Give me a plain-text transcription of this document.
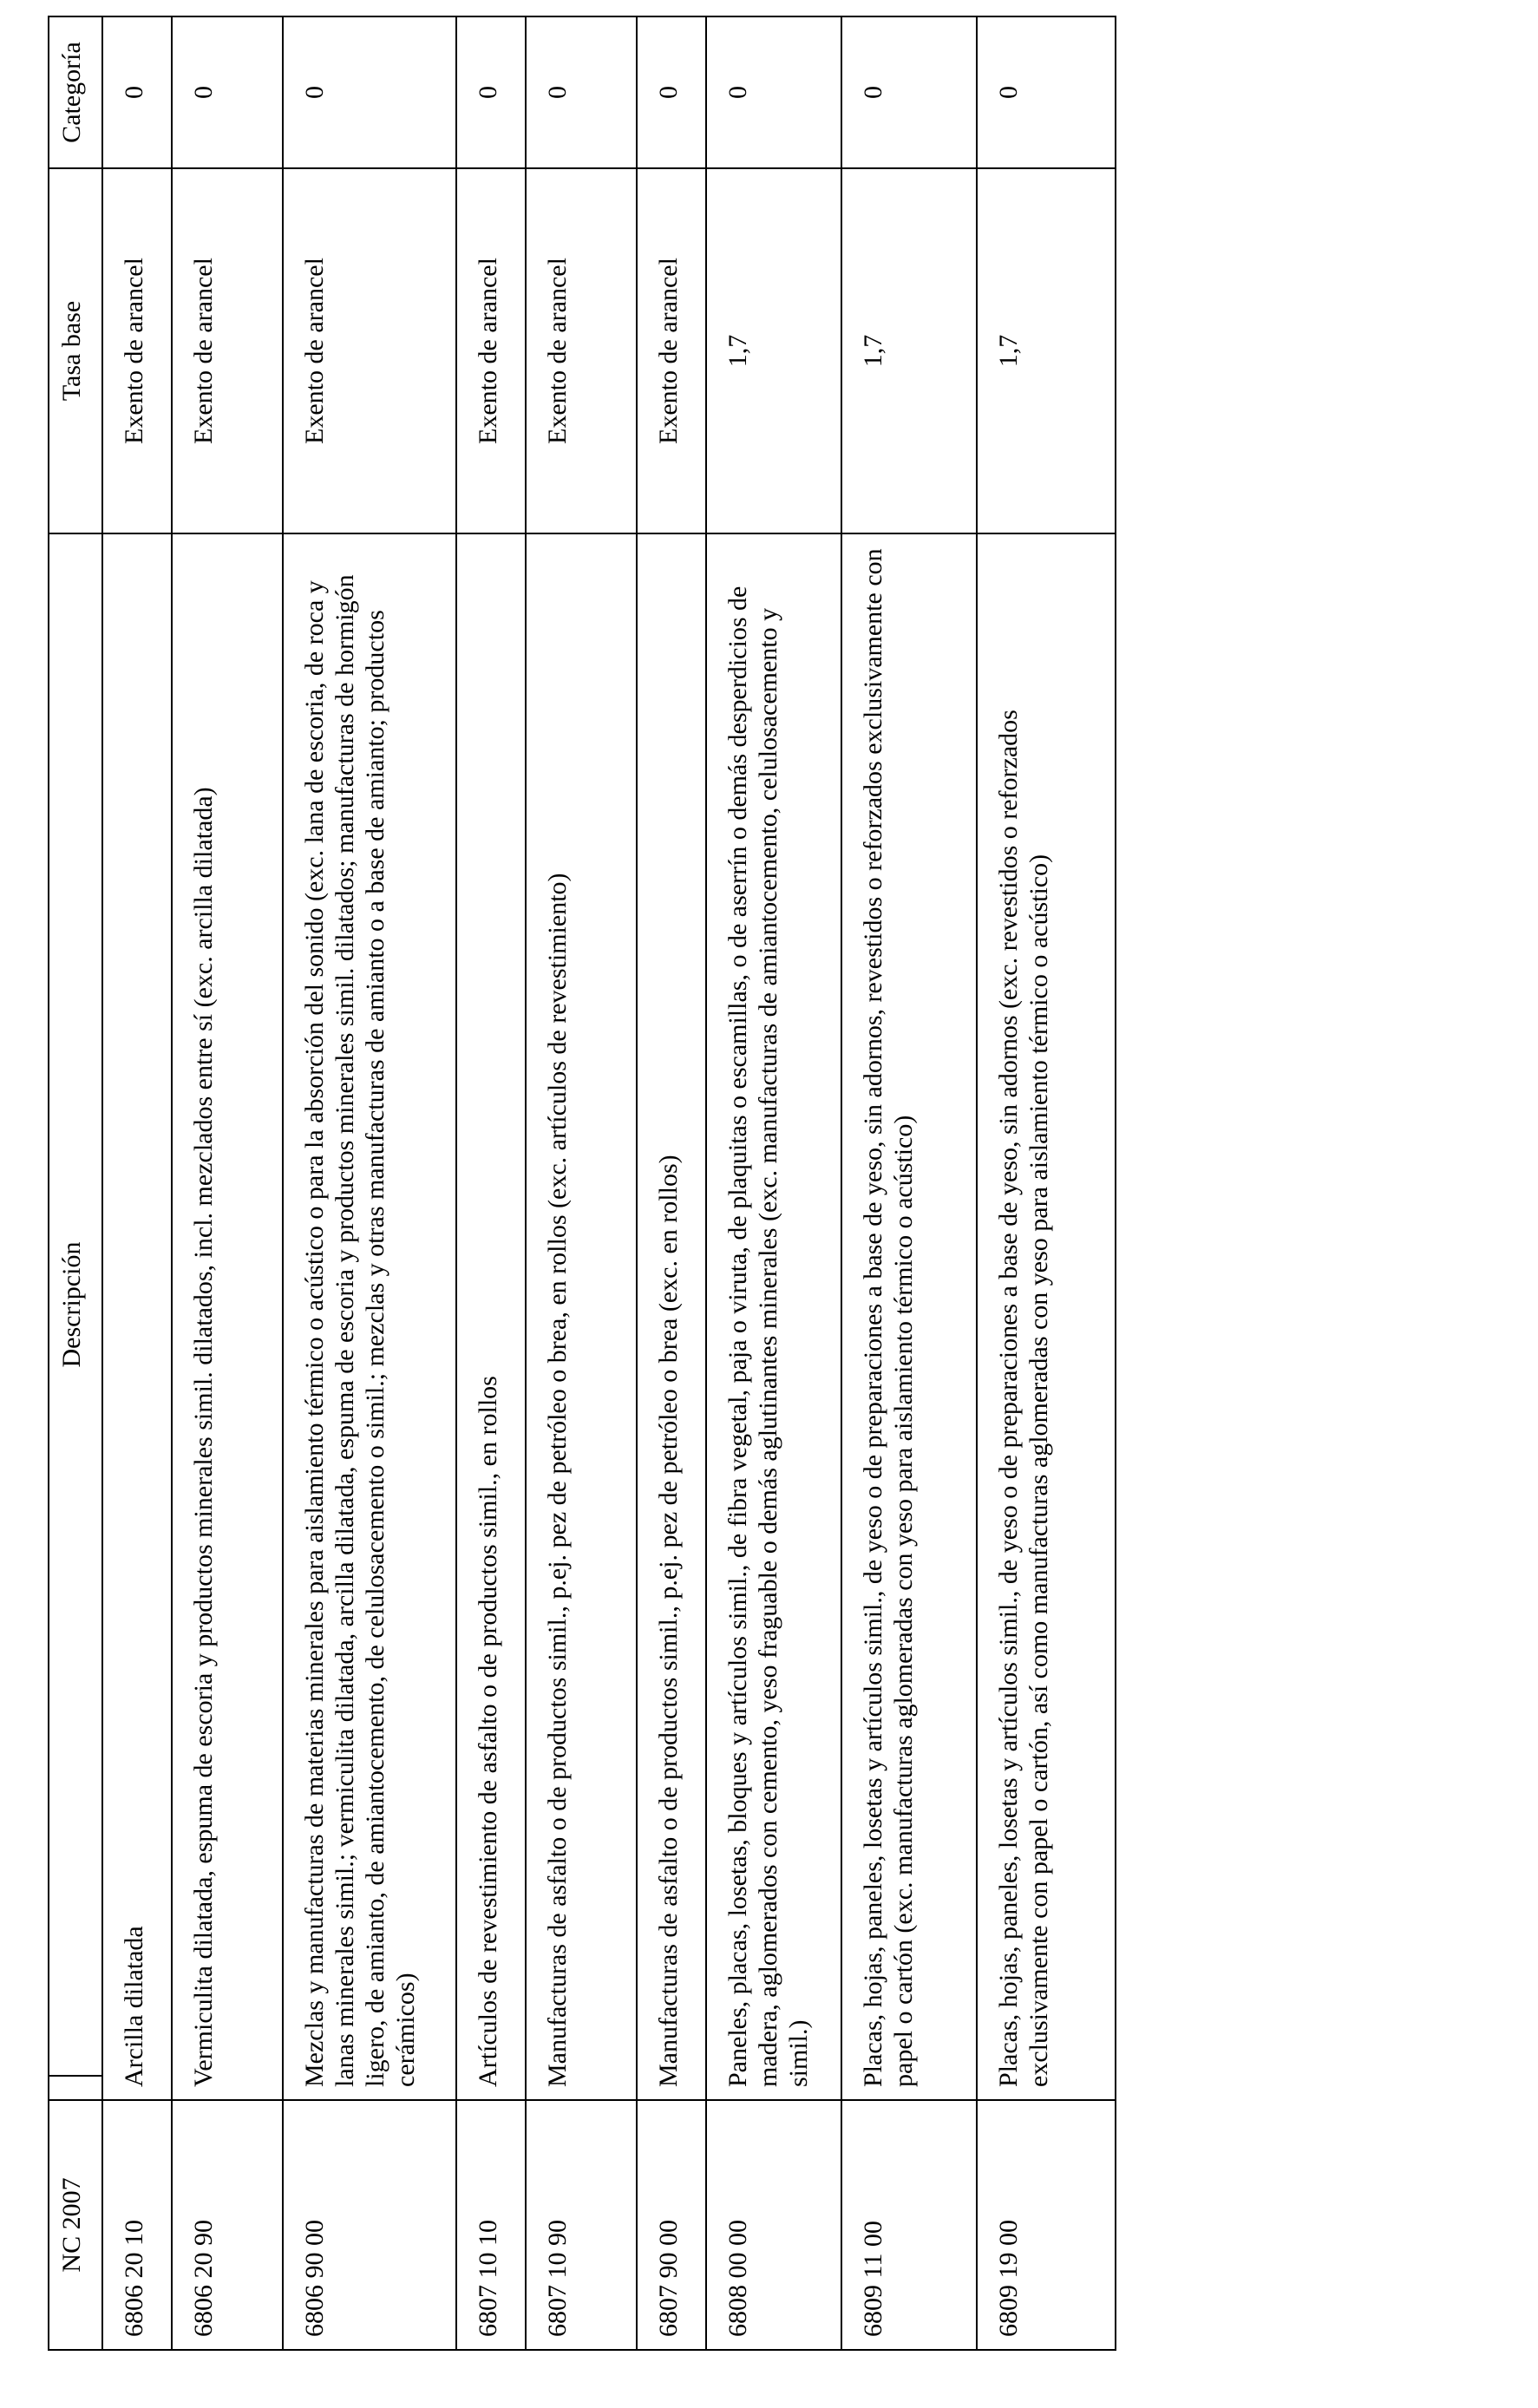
NC 2007		Descripción	Tasa base	Categoría
6806 20 10	Arcilla dilatada		Exento de arancel	0
6806 20 90	Vermiculita dilatada, espuma de escoria y productos minerales simil. dilatados, incl. mezclados entre sí (exc. arcilla dilatada)		Exento de arancel	0
6806 90 00	Mezclas y manufacturas de materias minerales para aislamiento térmico o acústico o para la absorción del sonido (exc. lana de escoria, de roca y lanas minerales simil.; vermiculita dilatada, arcilla dilatada, espuma de escoria y productos minerales simil. dilatados; manufacturas de hormigón ligero, de amianto, de amiantocemento, de celulosacemento o simil.; mezclas y otras manufacturas de amianto o a base de amianto; productos cerámicos)		Exento de arancel	0
6807 10 10	Artículos de revestimiento de asfalto o de productos simil., en rollos		Exento de arancel	0
6807 10 90	Manufacturas de asfalto o de productos simil., p.ej. pez de petróleo o brea, en rollos (exc. artículos de revestimiento)		Exento de arancel	0
6807 90 00	Manufacturas de asfalto o de productos simil., p.ej. pez de petróleo o brea (exc. en rollos)		Exento de arancel	0
6808 00 00	Paneles, placas, losetas, bloques y artículos simil., de fibra vegetal, paja o viruta, de plaquitas o escamillas, o de aserrín o demás desperdicios de madera, aglomerados con cemento, yeso fraguable o demás aglutinantes minerales (exc. manufacturas de amiantocemento, celulosacemento y simil.)		1,7	0
6809 11 00	Placas, hojas, paneles, losetas y artículos simil., de yeso o de preparaciones a base de yeso, sin adornos, revestidos o reforzados exclusivamente con papel o cartón (exc. manufacturas aglomeradas con yeso para aislamiento térmico o acústico)		1,7	0
6809 19 00	Placas, hojas, paneles, losetas y artículos simil., de yeso o de preparaciones a base de yeso, sin adornos (exc. revestidos o reforzados exclusivamente con papel o cartón, así como manufacturas aglomeradas con yeso para aislamiento térmico o acústico)		1,7	0
